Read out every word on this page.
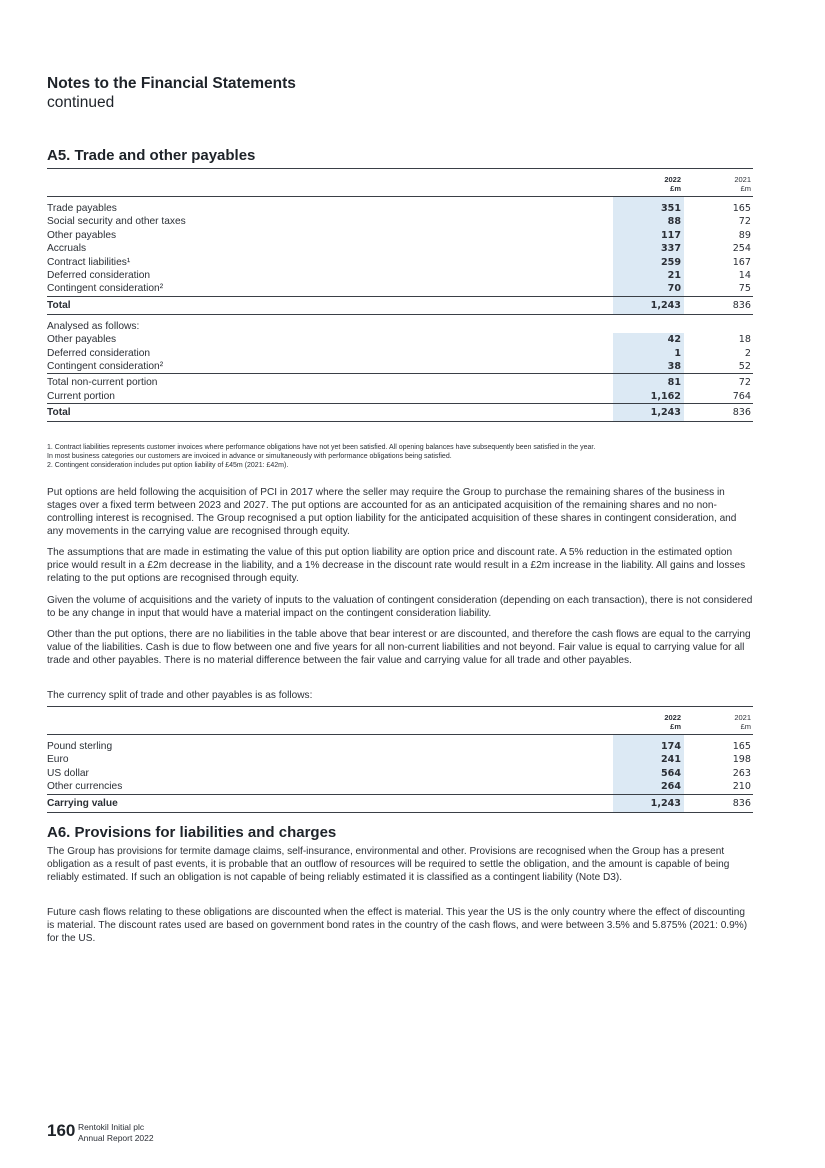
Notes to the Financial Statements
continued
A5. Trade and other payables
	2022
£m		2021
£m

Trade payables	351		165
Social security and other taxes	88		72
Other payables	117		89
Accruals	337		254
Contract liabilities¹	259		167
Deferred consideration	21		14
Contingent consideration²	70		75
Total	1,243		836

Analysed as follows:			
Other payables	42		18
Deferred consideration	1		2
Contingent consideration²	38		52
Total non-current portion	81		72
Current portion	1,162		764
Total	1,243		836
1. Contract liabilities represents customer invoices where performance obligations have not yet been satisfied. All opening balances have subsequently been satisfied in the year.
In most business categories our customers are invoiced in advance or simultaneously with performance obligations being satisfied.
2. Contingent consideration includes put option liability of £45m (2021: £42m).
Put options are held following the acquisition of PCI in 2017 where the seller may require the Group to purchase the remaining shares of the business in stages over a fixed term between 2023 and 2027. The put options are accounted for as an anticipated acquisition of the remaining shares and no non-controlling interest is recognised. The Group recognised a put option liability for the anticipated acquisition of these shares in contingent consideration, and any movements in the carrying value are recognised through equity.
The assumptions that are made in estimating the value of this put option liability are option price and discount rate. A 5% reduction in the estimated option price would result in a £2m decrease in the liability, and a 1% decrease in the discount rate would result in a £2m increase in the liability. All gains and losses relating to the put options are recognised through equity.
Given the volume of acquisitions and the variety of inputs to the valuation of contingent consideration (depending on each transaction), there is not considered to be any change in input that would have a material impact on the contingent consideration liability.
Other than the put options, there are no liabilities in the table above that bear interest or are discounted, and therefore the cash flows are equal to the carrying value of the liabilities. Cash is due to flow between one and five years for all non-current liabilities and not beyond. Fair value is equal to carrying value for all trade and other payables. There is no material difference between the fair value and carrying value for all trade and other payables.
The currency split of trade and other payables is as follows:
	2022
£m		2021
£m

Pound sterling	174		165
Euro	241		198
US dollar	564		263
Other currencies	264		210
Carrying value	1,243		836
A6. Provisions for liabilities and charges
The Group has provisions for termite damage claims, self-insurance, environmental and other. Provisions are recognised when the Group has a present obligation as a result of past events, it is probable that an outflow of resources will be required to settle the obligation, and the amount is capable of being reliably estimated. If such an obligation is not capable of being reliably estimated it is classified as a contingent liability (Note D3).
Future cash flows relating to these obligations are discounted when the effect is material. This year the US is the only country where the effect of discounting is material. The discount rates used are based on government bond rates in the country of the cash flows, and were between 3.5% and 5.875% (2021: 0.9%) for the US.
160 Rentokil Initial plc
Annual Report 2022
